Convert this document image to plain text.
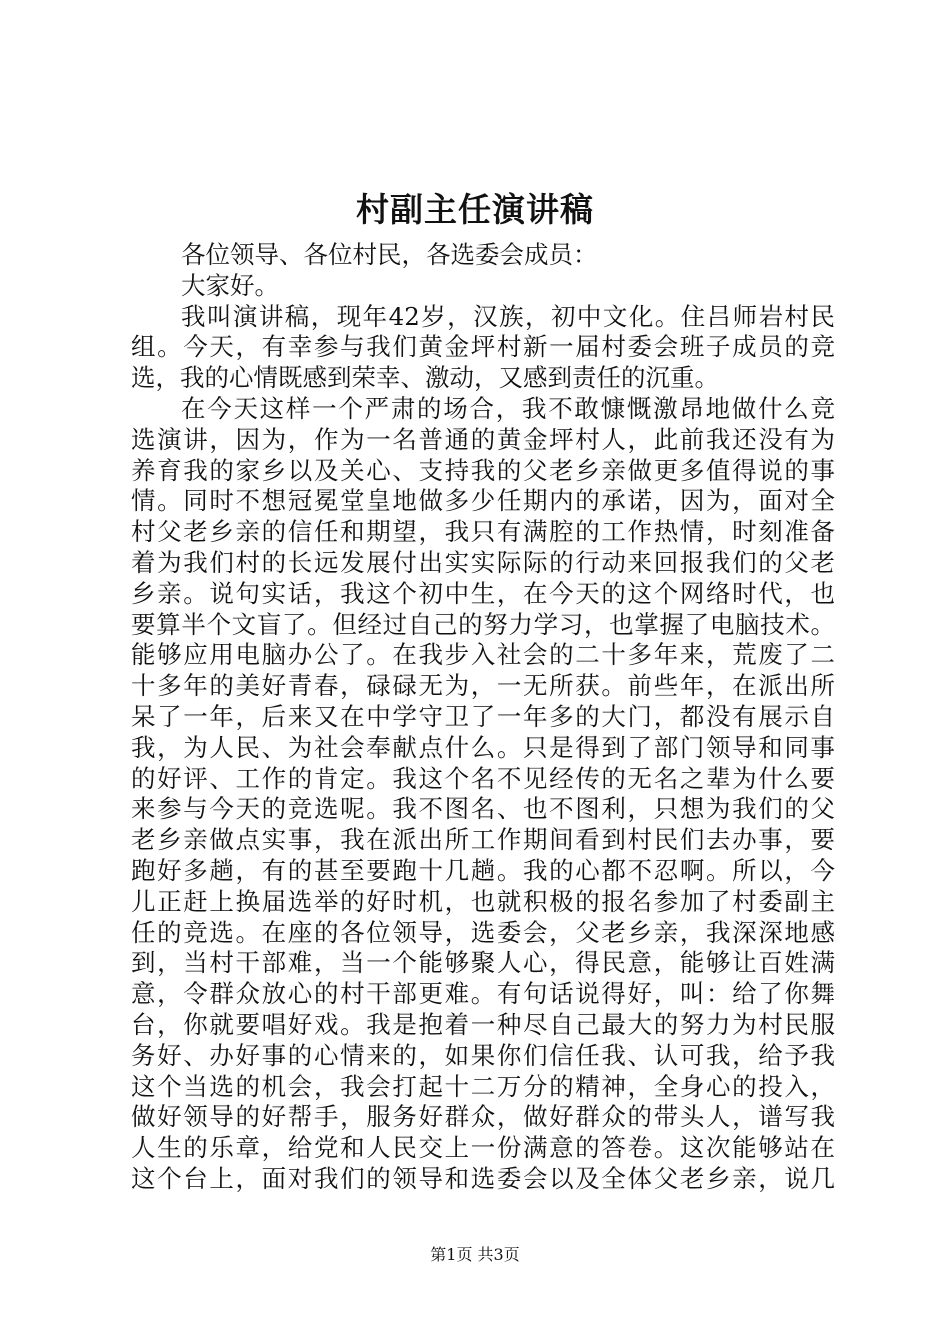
村副主任演讲稿
各位领导、各位村民，各选委会成员：
大家好。
我叫演讲稿，现年42岁，汉族，初中文化。住吕师岩村民
组。今天，有幸参与我们黄金坪村新一届村委会班子成员的竞
选，我的心情既感到荣幸、激动，又感到责任的沉重。
在今天这样一个严肃的场合，我不敢慷慨激昂地做什么竞
选演讲，因为，作为一名普通的黄金坪村人，此前我还没有为
养育我的家乡以及关心、支持我的父老乡亲做更多值得说的事
情。同时不想冠冕堂皇地做多少任期内的承诺，因为，面对全
村父老乡亲的信任和期望，我只有满腔的工作热情，时刻准备
着为我们村的长远发展付出实实际际的行动来回报我们的父老
乡亲。说句实话，我这个初中生，在今天的这个网络时代，也
要算半个文盲了。但经过自己的努力学习，也掌握了电脑技术。
能够应用电脑办公了。在我步入社会的二十多年来，荒废了二
十多年的美好青春，碌碌无为，一无所获。前些年，在派出所
呆了一年，后来又在中学守卫了一年多的大门，都没有展示自
我，为人民、为社会奉献点什么。只是得到了部门领导和同事
的好评、工作的肯定。我这个名不见经传的无名之辈为什么要
来参与今天的竞选呢。我不图名、也不图利，只想为我们的父
老乡亲做点实事，我在派出所工作期间看到村民们去办事，要
跑好多趟，有的甚至要跑十几趟。我的心都不忍啊。所以，今
儿正赶上换届选举的好时机，也就积极的报名参加了村委副主
任的竞选。在座的各位领导，选委会，父老乡亲，我深深地感
到，当村干部难，当一个能够聚人心，得民意，能够让百姓满
意，令群众放心的村干部更难。有句话说得好，叫：给了你舞
台，你就要唱好戏。我是抱着一种尽自己最大的努力为村民服
务好、办好事的心情来的，如果你们信任我、认可我，给予我
这个当选的机会，我会打起十二万分的精神，全身心的投入，
做好领导的好帮手，服务好群众，做好群众的带头人，谱写我
人生的乐章，给党和人民交上一份满意的答卷。这次能够站在
这个台上，面对我们的领导和选委会以及全体父老乡亲，说几
第1页 共3页
